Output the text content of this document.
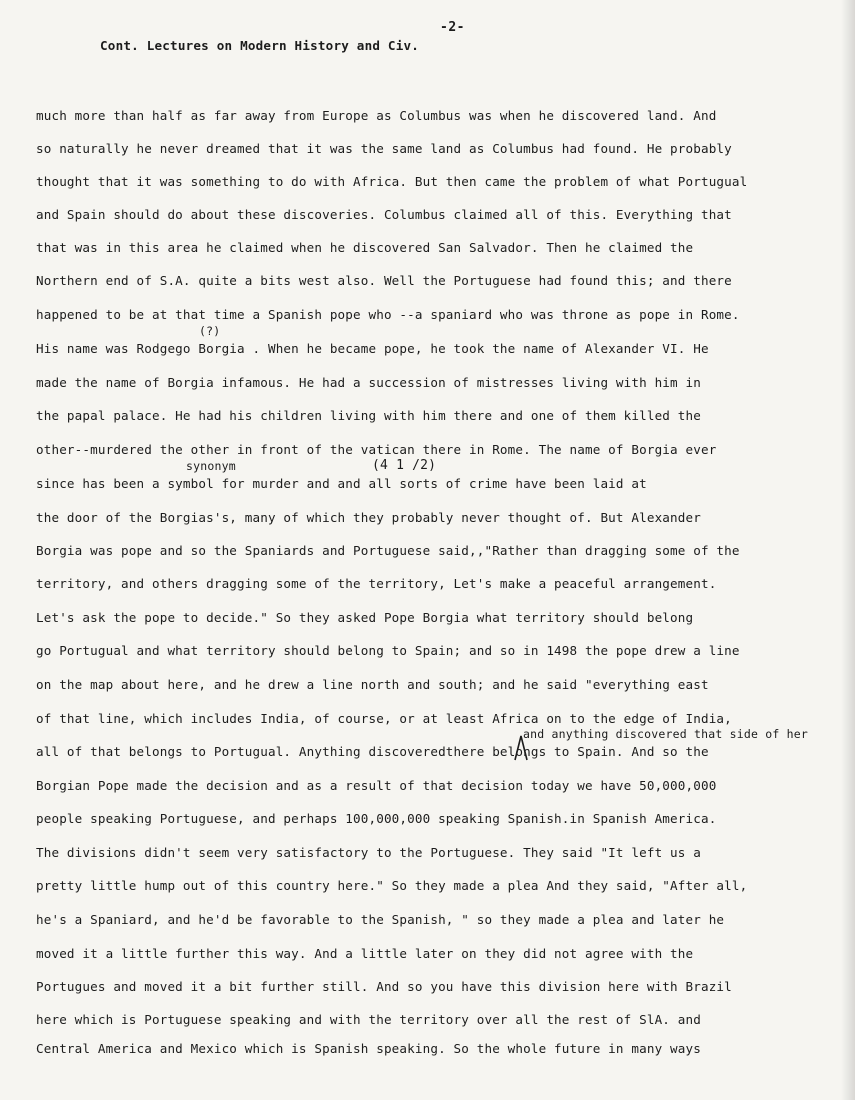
-2-
Cont. Lectures on Modern History and Civ.
much more than half as far away from Europe as Columbus was when he discovered land. And
so naturally he never dreamed that it was the same land as Columbus had found. He probably
thought that it was something to do with Africa. But then came the problem of what Portugual
and Spain should do about these discoveries. Columbus claimed all of this. Everything that
that was in this area he claimed when he discovered San Salvador. Then he claimed the
Northern end of S.A. quite a bits west also. Well the Portuguese had found this; and there
happened to be at that time a Spanish pope who --a spaniard who was throne as pope in Rome.
His name was Rodgego Borgia . When he became pope, he took the name of Alexander VI. He
made the name of Borgia infamous. He had a succession of mistresses living with him in
the papal palace. He had his children living with him there and one of them killed the
other--murdered the other in front of the vatican there in Rome. The name of Borgia ever
since has been a symbol for murder and and all sorts of crime have been laid at
the door of the Borgias's, many of which they probably never thought of. But Alexander
Borgia was pope and so the Spaniards and Portuguese said,,"Rather than dragging some of the
territory, and others dragging some of the territory, Let's make a peaceful arrangement.
Let's ask the pope to decide." So they asked Pope Borgia what territory should belong
go Portugual and what territory should belong to Spain; and so in 1498 the pope drew a line
on the map about here, and he drew a line north and south; and he said "everything east
of that line, which includes India, of course, or at least Africa on to the edge of India,
all of that belongs to Portugual. Anything discoveredthere belongs to Spain. And so the
Borgian Pope made the decision and as a result of that decision today we have 50,000,000
people speaking Portuguese, and perhaps 100,000,000 speaking Spanish.in Spanish America.
The divisions didn't seem very satisfactory to the Portuguese. They said "It left us a
pretty little hump out of this country here." So they made a plea And they said, "After all,
he's a Spaniard, and he'd be favorable to the Spanish, " so they made a plea and later he
moved it a little further this way. And a little later on they did not agree with the
Portugues and moved it a bit further still. And so you have this division here with Brazil
here which is Portuguese speaking and with the territory over all the rest of SlA. and
Central America and Mexico which is Spanish speaking. So the whole future in many ways
(?)
synonym	(4 1 /2)
and anything discovered that side of her
